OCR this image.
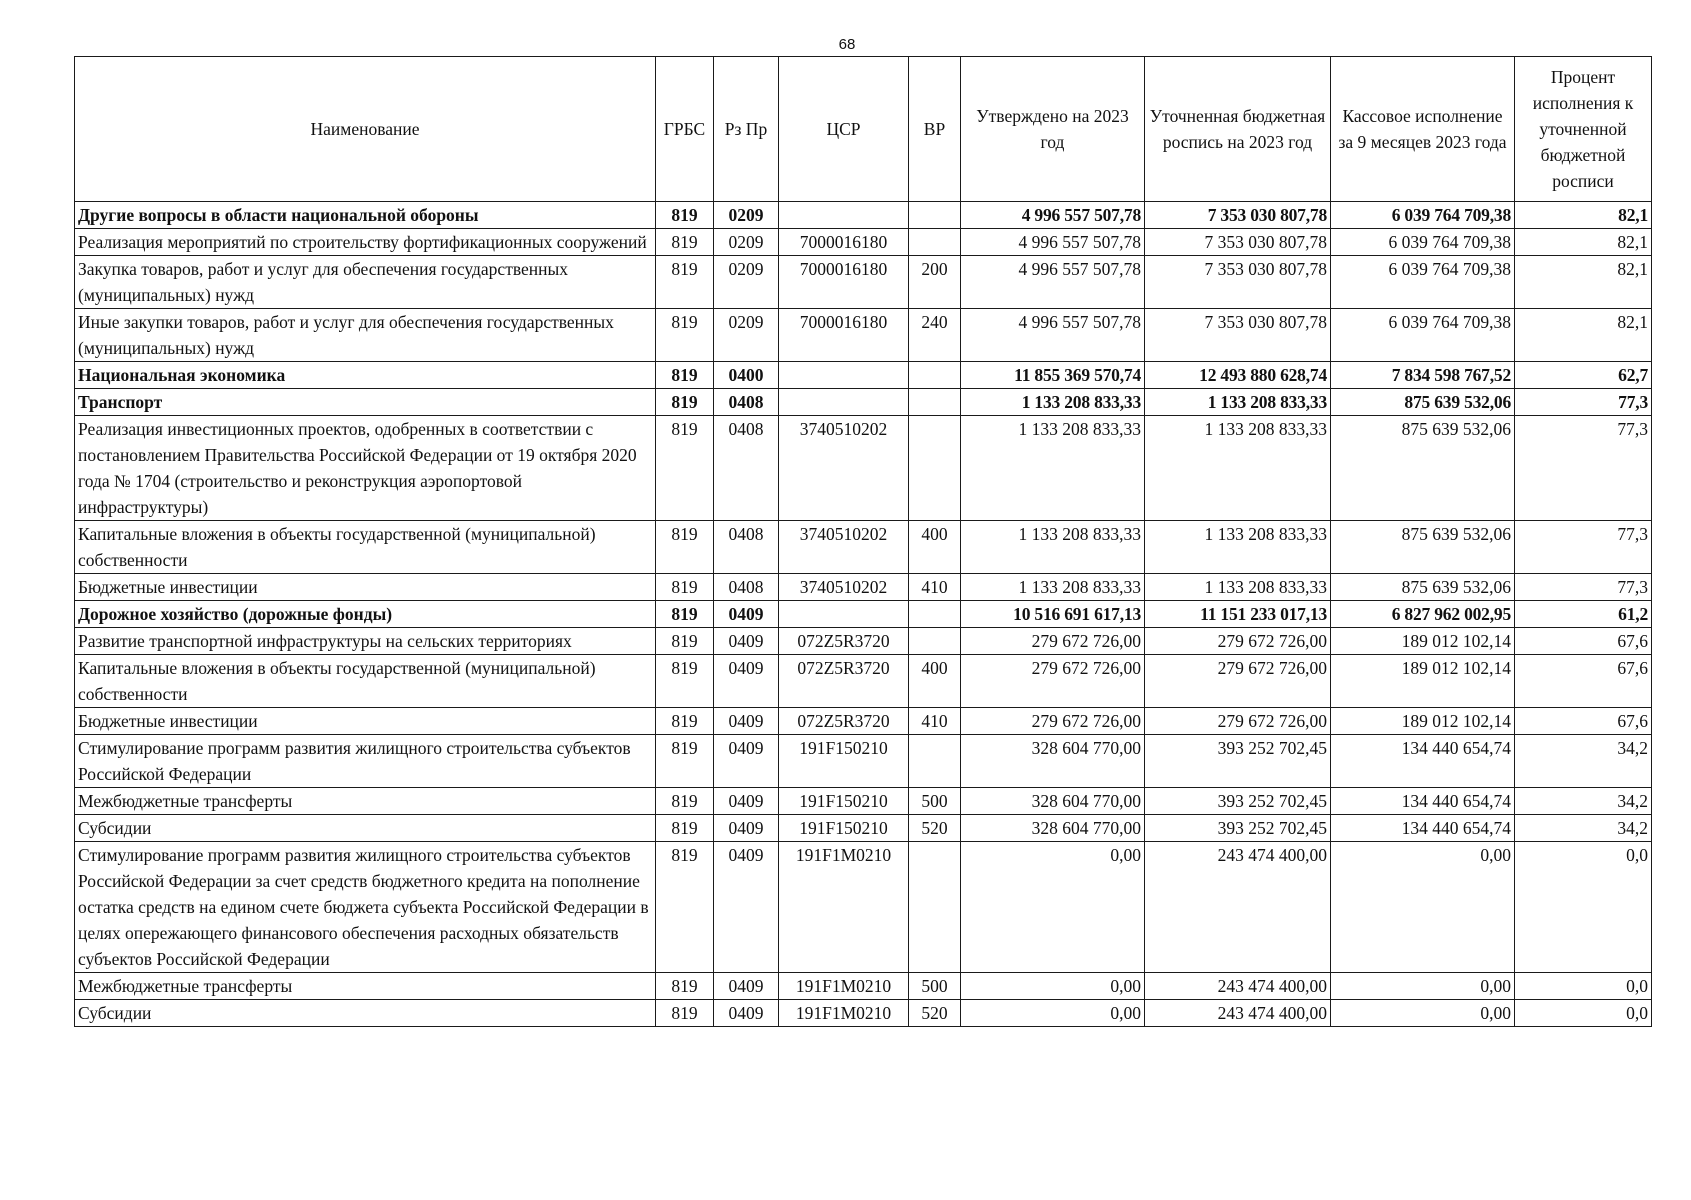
68
Наименование	ГРБС	Рз Пр	ЦСР	ВР	Утверждено на 2023 год	Уточненная бюджетная роспись на 2023 год	Кассовое исполнение за 9 месяцев 2023 года	Процент исполнения к уточненной бюджетной росписи
Другие вопросы в области национальной обороны	819	0209			4 996 557 507,78	7 353 030 807,78	6 039 764 709,38	82,1
Реализация мероприятий по строительству фортификационных сооружений	819	0209	7000016180		4 996 557 507,78	7 353 030 807,78	6 039 764 709,38	82,1
Закупка товаров, работ и услуг для обеспечения государственных (муниципальных) нужд	819	0209	7000016180	200	4 996 557 507,78	7 353 030 807,78	6 039 764 709,38	82,1
Иные закупки товаров, работ и услуг для обеспечения государственных (муниципальных) нужд	819	0209	7000016180	240	4 996 557 507,78	7 353 030 807,78	6 039 764 709,38	82,1
Национальная экономика	819	0400			11 855 369 570,74	12 493 880 628,74	7 834 598 767,52	62,7
Транспорт	819	0408			1 133 208 833,33	1 133 208 833,33	875 639 532,06	77,3
Реализация инвестиционных проектов, одобренных в соответствии с постановлением Правительства Российской Федерации от 19 октября 2020 года № 1704 (строительство и реконструкция аэропортовой инфраструктуры)	819	0408	3740510202		1 133 208 833,33	1 133 208 833,33	875 639 532,06	77,3
Капитальные вложения в объекты государственной (муниципальной) собственности	819	0408	3740510202	400	1 133 208 833,33	1 133 208 833,33	875 639 532,06	77,3
Бюджетные инвестиции	819	0408	3740510202	410	1 133 208 833,33	1 133 208 833,33	875 639 532,06	77,3
Дорожное хозяйство (дорожные фонды)	819	0409			10 516 691 617,13	11 151 233 017,13	6 827 962 002,95	61,2
Развитие транспортной инфраструктуры на сельских территориях	819	0409	072Z5R3720		279 672 726,00	279 672 726,00	189 012 102,14	67,6
Капитальные вложения в объекты государственной (муниципальной) собственности	819	0409	072Z5R3720	400	279 672 726,00	279 672 726,00	189 012 102,14	67,6
Бюджетные инвестиции	819	0409	072Z5R3720	410	279 672 726,00	279 672 726,00	189 012 102,14	67,6
Стимулирование программ развития жилищного строительства субъектов Российской Федерации	819	0409	191F150210		328 604 770,00	393 252 702,45	134 440 654,74	34,2
Межбюджетные трансферты	819	0409	191F150210	500	328 604 770,00	393 252 702,45	134 440 654,74	34,2
Субсидии	819	0409	191F150210	520	328 604 770,00	393 252 702,45	134 440 654,74	34,2
Стимулирование программ развития жилищного строительства субъектов Российской Федерации за счет средств бюджетного кредита на пополнение остатка средств на едином счете бюджета субъекта Российской Федерации в целях опережающего финансового обеспечения расходных обязательств субъектов Российской Федерации	819	0409	191F1M0210		0,00	243 474 400,00	0,00	0,0
Межбюджетные трансферты	819	0409	191F1M0210	500	0,00	243 474 400,00	0,00	0,0
Субсидии	819	0409	191F1M0210	520	0,00	243 474 400,00	0,00	0,0
